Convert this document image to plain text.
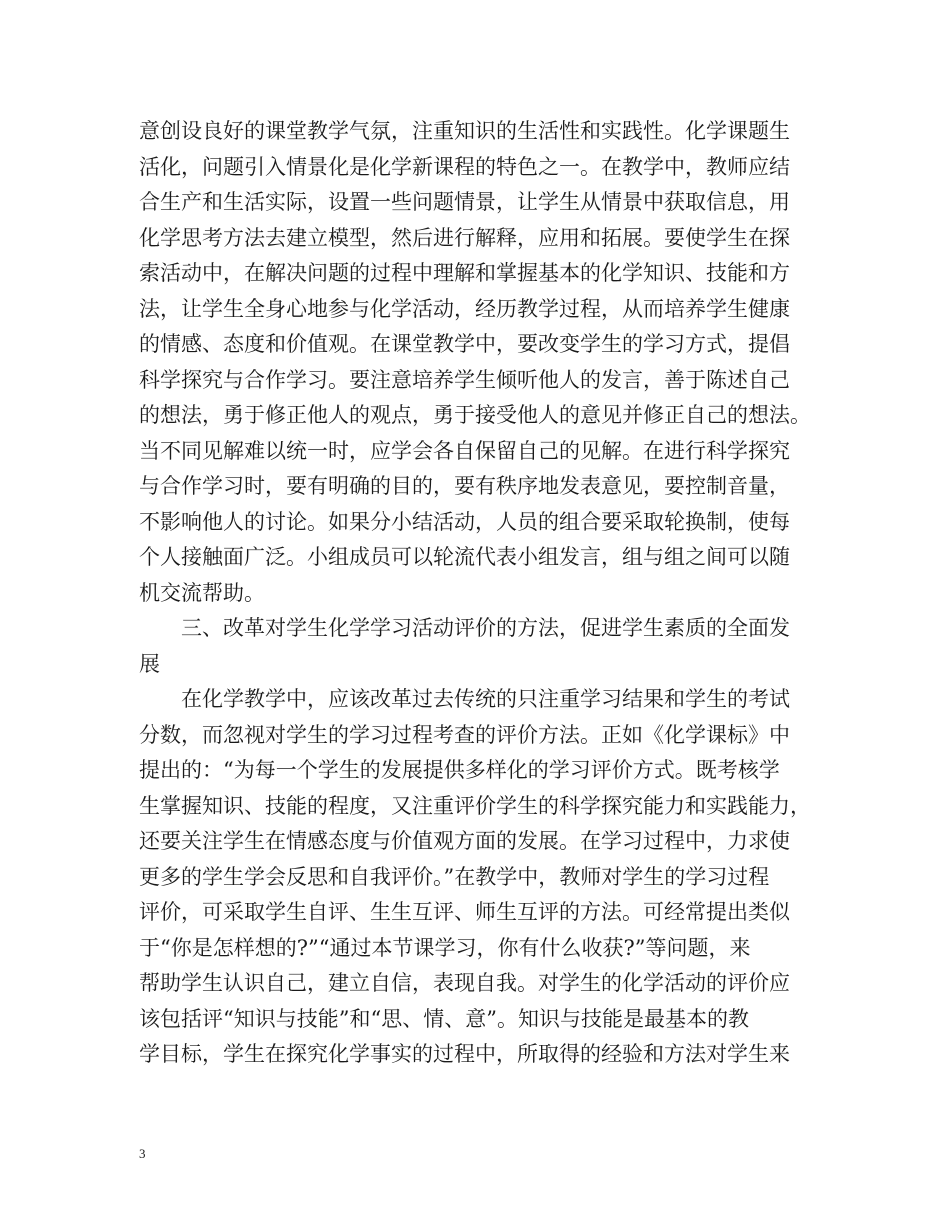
意创设良好的课堂教学气氛，注重知识的生活性和实践性。化学课题生
活化，问题引入情景化是化学新课程的特色之一。在教学中，教师应结
合生产和生活实际，设置一些问题情景，让学生从情景中获取信息，用
化学思考方法去建立模型，然后进行解释，应用和拓展。要使学生在探
索活动中，在解决问题的过程中理解和掌握基本的化学知识、技能和方
法，让学生全身心地参与化学活动，经历教学过程，从而培养学生健康
的情感、态度和价值观。在课堂教学中，要改变学生的学习方式，提倡
科学探究与合作学习。要注意培养学生倾听他人的发言，善于陈述自己
的想法，勇于修正他人的观点，勇于接受他人的意见并修正自己的想法。
当不同见解难以统一时，应学会各自保留自己的见解。在进行科学探究
与合作学习时，要有明确的目的，要有秩序地发表意见，要控制音量，
不影响他人的讨论。如果分小结活动，人员的组合要采取轮换制，使每
个人接触面广泛。小组成员可以轮流代表小组发言，组与组之间可以随
机交流帮助。
三、改革对学生化学学习活动评价的方法，促进学生素质的全面发
展
在化学教学中，应该改革过去传统的只注重学习结果和学生的考试
分数，而忽视对学生的学习过程考查的评价方法。正如《化学课标》中
提出的：“为每一个学生的发展提供多样化的学习评价方式。既考核学
生掌握知识、技能的程度，又注重评价学生的科学探究能力和实践能力，
还要关注学生在情感态度与价值观方面的发展。在学习过程中，力求使
更多的学生学会反思和自我评价。”在教学中，教师对学生的学习过程
评价，可采取学生自评、生生互评、师生互评的方法。可经常提出类似
于“你是怎样想的?”“通过本节课学习，你有什么收获?”等问题，来
帮助学生认识自己，建立自信，表现自我。对学生的化学活动的评价应
该包括评“知识与技能”和“思、情、意”。知识与技能是最基本的教
学目标，学生在探究化学事实的过程中，所取得的经验和方法对学生来
3
